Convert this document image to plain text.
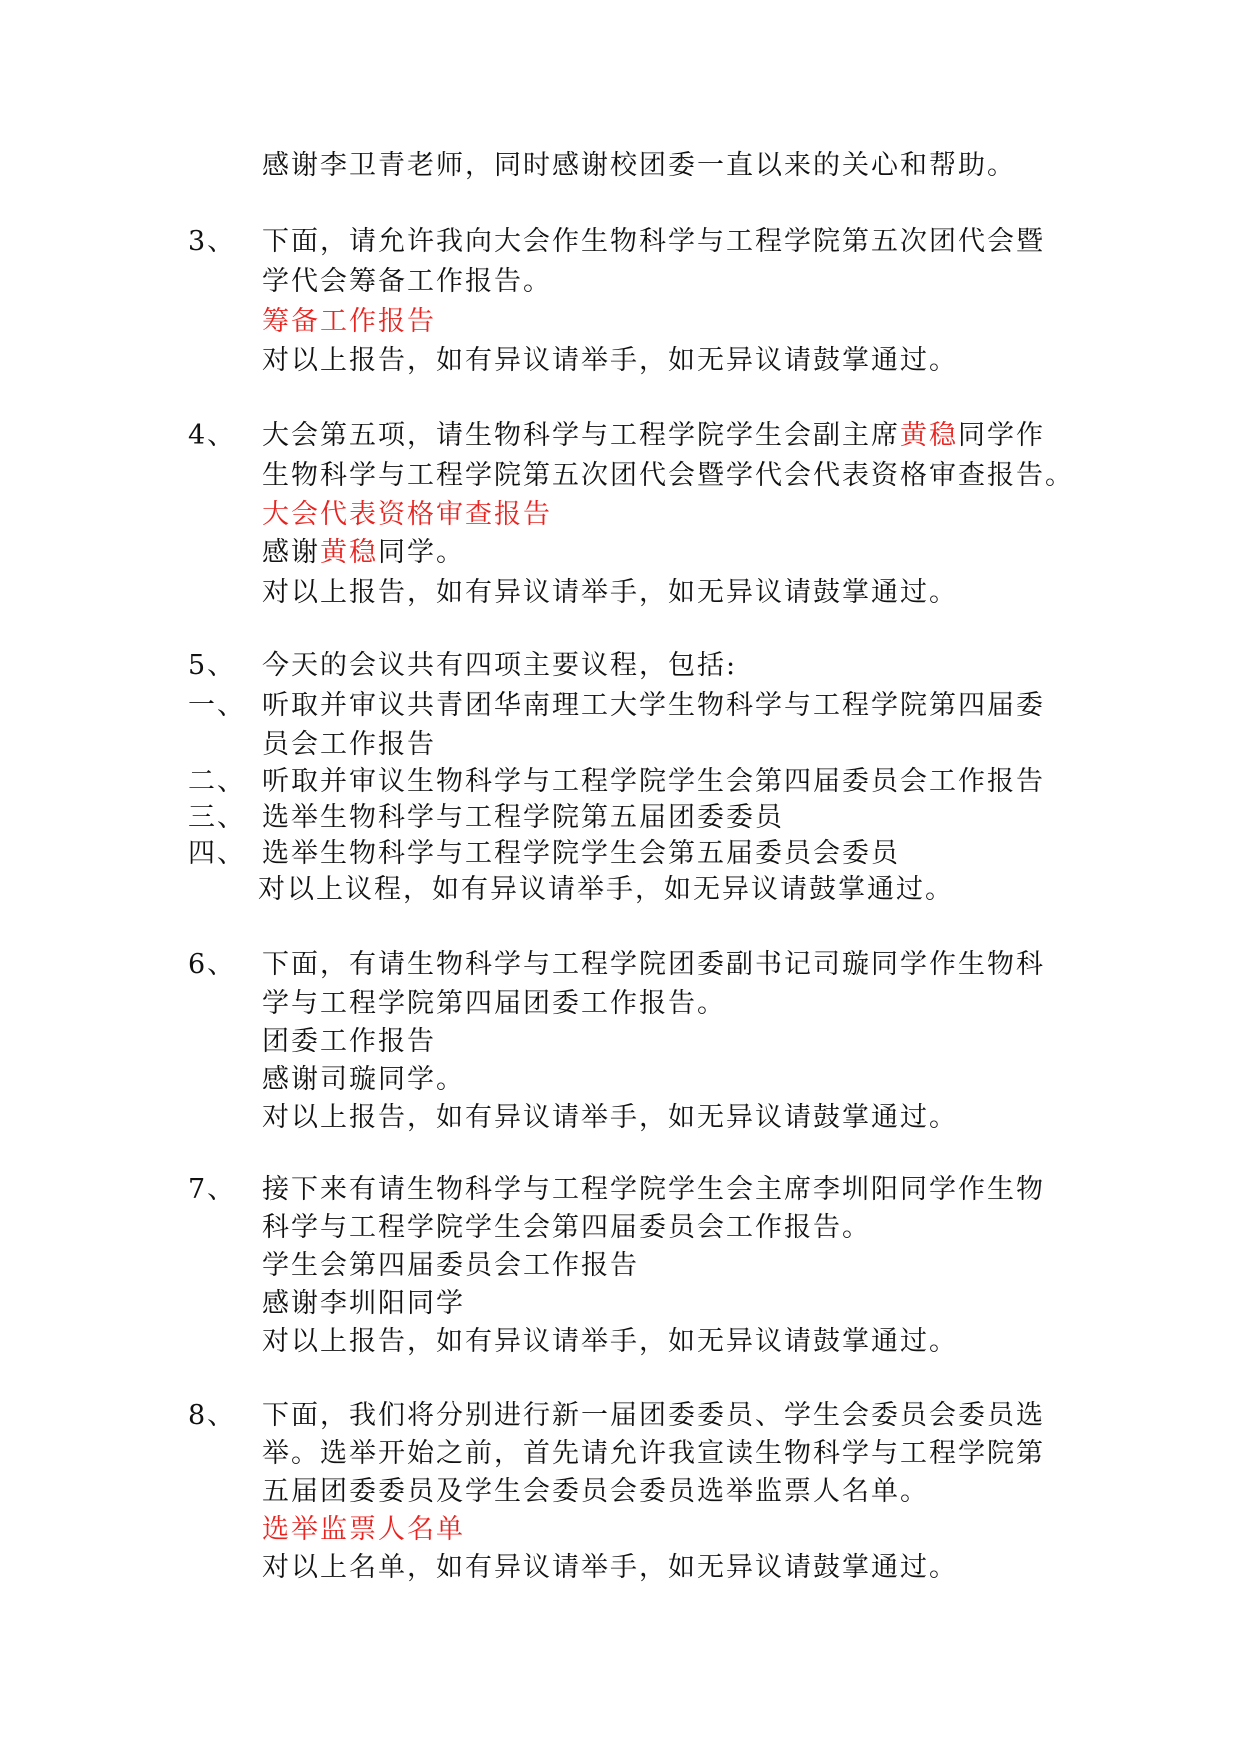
感谢李卫青老师，同时感谢校团委一直以来的关心和帮助。
3、 下面，请允许我向大会作生物科学与工程学院第五次团代会暨
学代会筹备工作报告。
筹备工作报告
对以上报告，如有异议请举手，如无异议请鼓掌通过。
4、 大会第五项，请生物科学与工程学院学生会副主席黄稳同学作
生物科学与工程学院第五次团代会暨学代会代表资格审查报告。
大会代表资格审查报告
感谢黄稳同学。
对以上报告，如有异议请举手，如无异议请鼓掌通过。
5、 今天的会议共有四项主要议程，包括:
一、 听取并审议共青团华南理工大学生物科学与工程学院第四届委
员会工作报告
二、 听取并审议生物科学与工程学院学生会第四届委员会工作报告
三、 选举生物科学与工程学院第五届团委委员
四、 选举生物科学与工程学院学生会第五届委员会委员
对以上议程，如有异议请举手，如无异议请鼓掌通过。
6、 下面，有请生物科学与工程学院团委副书记司璇同学作生物科
学与工程学院第四届团委工作报告。
团委工作报告
感谢司璇同学。
对以上报告，如有异议请举手，如无异议请鼓掌通过。
7、 接下来有请生物科学与工程学院学生会主席李圳阳同学作生物
科学与工程学院学生会第四届委员会工作报告。
学生会第四届委员会工作报告
感谢李圳阳同学
对以上报告，如有异议请举手，如无异议请鼓掌通过。
8、 下面，我们将分别进行新一届团委委员、学生会委员会委员选
举。选举开始之前，首先请允许我宣读生物科学与工程学院第
五届团委委员及学生会委员会委员选举监票人名单。
选举监票人名单
对以上名单，如有异议请举手，如无异议请鼓掌通过。
